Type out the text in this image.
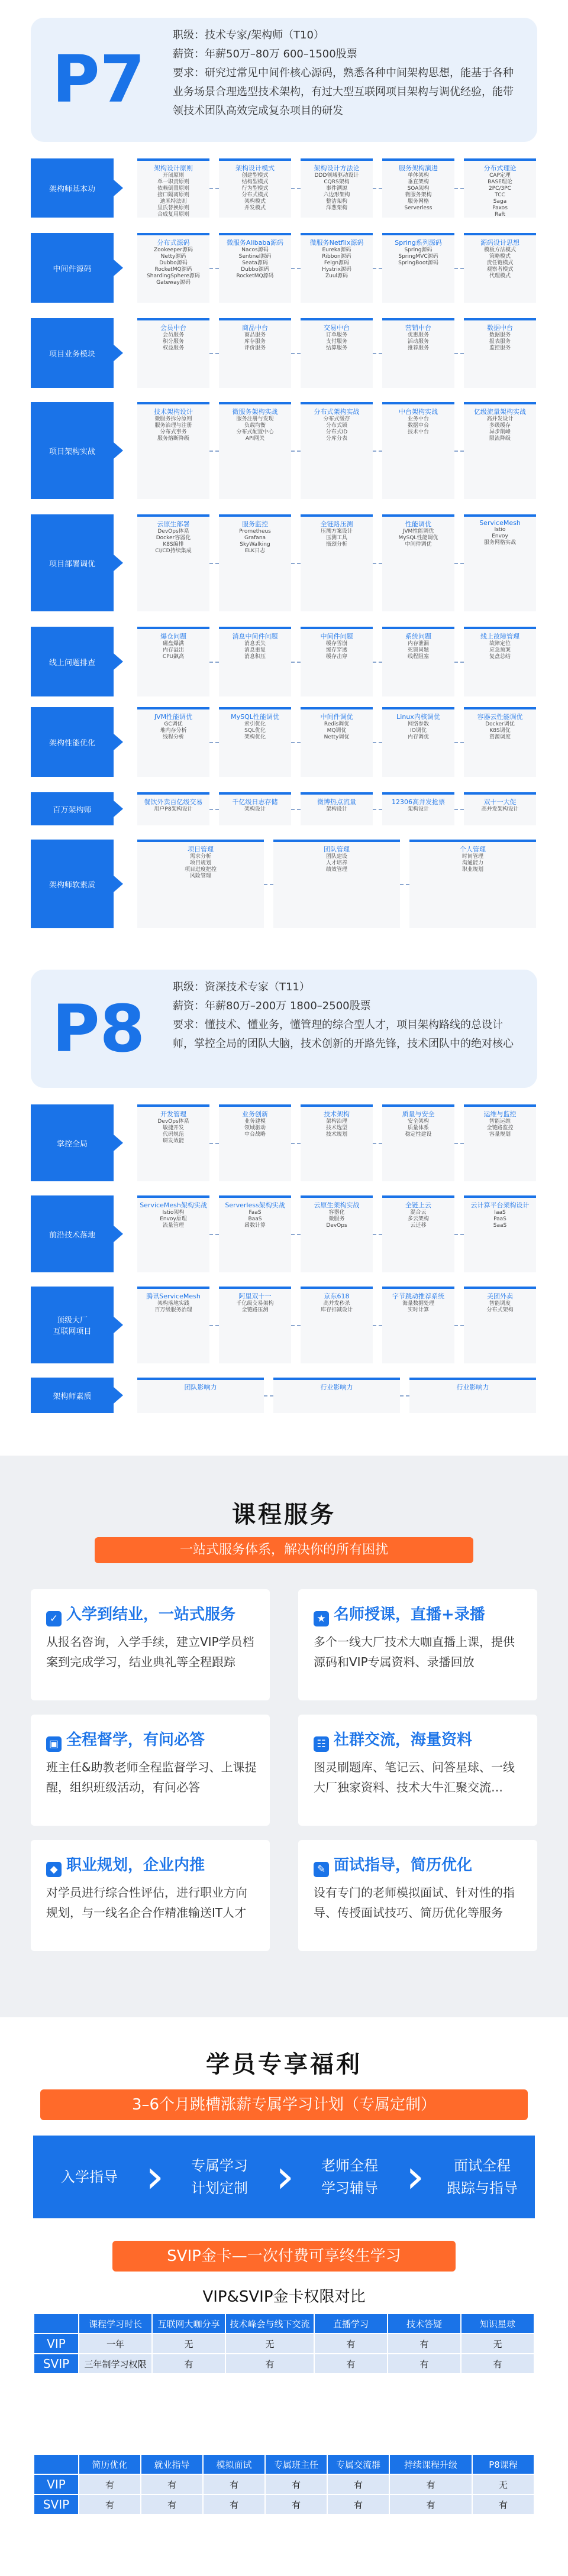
P7
职级：技术专家/架构师（T10）
薪资：年薪50万–80万 600–1500股票
要求：研究过常见中间件核心源码，熟悉各种中间架构思想，能基于各种业务场景合理选型技术架构，有过大型互联网项目架构与调优经验，能带领技术团队高效完成复杂项目的研发
架构师基本功
架构设计原则
开闭原则
单一职责原则
依赖倒置原则
接口隔离原则
迪米特法则
里氏替换原则
合成复用原则
架构设计模式
创建型模式
结构型模式
行为型模式
分布式模式
架构模式
并发模式
架构设计方法论
DDD领域驱动设计
CQRS架构
事件溯源
六边形架构
整洁架构
洋葱架构
服务架构演进
单体架构
垂直架构
SOA架构
微服务架构
服务网格
Serverless
分布式理论
CAP定理
BASE理论
2PC/3PC
TCC
Saga
Paxos
Raft
中间件源码
分布式源码
Zookeeper源码
Netty源码
Dubbo源码
RocketMQ源码
ShardingSphere源码
Gateway源码
微服务Alibaba源码
Nacos源码
Sentinel源码
Seata源码
Dubbo源码
RocketMQ源码
微服务Netflix源码
Eureka源码
Ribbon源码
Feign源码
Hystrix源码
Zuul源码
Spring系列源码
Spring源码
SpringMVC源码
SpringBoot源码
源码设计思想
模板方法模式
策略模式
责任链模式
观察者模式
代理模式
项目业务模块
会员中台
会员服务
积分服务
权益服务
商品中台
商品服务
库存服务
评价服务
交易中台
订单服务
支付服务
结算服务
营销中台
优惠服务
活动服务
推荐服务
数据中台
数据服务
报表服务
监控服务
项目架构实战
技术架构设计
微服务拆分原则
服务治理与注册
分布式事务
服务熔断降级
微服务架构实战
服务注册与发现
负载均衡
分布式配置中心
API网关
分布式架构实战
分布式缓存
分布式锁
分布式ID
分库分表
中台架构实战
业务中台
数据中台
技术中台
亿级流量架构实战
高并发设计
多级缓存
异步削峰
限流降级
项目部署调优
云原生部署
DevOps体系
Docker容器化
K8S编排
CI/CD持续集成
服务监控
Prometheus
Grafana
SkyWalking
ELK日志
全链路压测
压测方案设计
压测工具
瓶颈分析
性能调优
JVM性能调优
MySQL性能调优
中间件调优
ServiceMesh
Istio
Envoy
服务网格实战
线上问题排查
爆仓问题
磁盘爆满
内存溢出
CPU飙高
消息中间件问题
消息丢失
消息重复
消息积压
中间件问题
缓存雪崩
缓存穿透
缓存击穿
系统问题
内存泄漏
死锁问题
线程阻塞
线上故障管理
故障定位
应急预案
复盘总结
架构性能优化
JVM性能调优
GC调优
堆内存分析
线程分析
MySQL性能调优
索引优化
SQL优化
架构优化
中间件调优
Redis调优
MQ调优
Netty调优
Linux内核调优
网络参数
IO调优
内存调优
容器云性能调优
Docker调优
K8S调优
资源调度
百万架构师
餐饮外卖百亿级交易
用户P8架构设计
千亿级日志存储
架构设计
微博热点流量
架构设计
12306高并发抢票
架构设计
双十一大促
高并发架构设计
架构师软素质
项目管理
需求分析
项目规划
项目进度把控
风险管理
团队管理
团队建设
人才培养
绩效管理
个人管理
时间管理
沟通能力
职业规划
P8
职级：资深技术专家（T11）
薪资：年薪80万–200万 1800–2500股票
要求：懂技术、懂业务，懂管理的综合型人才，项目架构路线的总设计师，掌控全局的团队大脑，技术创新的开路先锋，技术团队中的绝对核心
掌控全局
开发管理
DevOps体系
敏捷开发
代码规范
研发效能
业务创新
业务建模
领域驱动
中台战略
技术架构
架构治理
技术选型
技术规划
质量与安全
安全架构
质量体系
稳定性建设
运维与监控
智能运维
全链路监控
容量规划
前沿技术落地
ServiceMesh架构实战
Istio架构
Envoy原理
流量管理
Serverless架构实战
FaaS
BaaS
函数计算
云原生架构实战
容器化
微服务
DevOps
全链上云
混合云
多云架构
云迁移
云计算平台架构设计
IaaS
PaaS
SaaS
顶级大厂
互联网项目
腾讯ServiceMesh
架构落地实践
百万级服务治理
阿里双十一
千亿级交易架构
全链路压测
京东618
高并发秒杀
库存扣减设计
字节跳动推荐系统
海量数据处理
实时计算
美团外卖
智能调度
分布式架构
架构师素质
团队影响力	行业影响力	行业影响力
课程服务
一站式服务体系，解决你的所有困扰
✓ 入学到结业，一站式服务
从报名咨询，入学手续，建立VIP学员档案到完成学习，结业典礼等全程跟踪
★ 名师授课，直播+录播
多个一线大厂技术大咖直播上课，提供源码和VIP专属资料、录播回放
▣ 全程督学，有问必答
班主任&助教老师全程监督学习、上课提醒，组织班级活动，有问必答
☷ 社群交流，海量资料
图灵刷题库、笔记云、问答星球、一线大厂独家资料、技术大牛汇聚交流…
◆ 职业规划，企业内推
对学员进行综合性评估，进行职业方向规划，与一线名企合作精准输送IT人才
✎ 面试指导，简历优化
设有专门的老师模拟面试、针对性的指导、传授面试技巧、简历优化等服务
学员专享福利
3–6个月跳槽涨薪专属学习计划（专属定制）
入学指导 › 专属学习
计划定制 › 老师全程
学习辅导 ›	面试全程
跟踪与指导
SVIP金卡—一次付费可享终生学习
VIP&SVIP金卡权限对比
	课程学习时长	互联网大咖分享	技术峰会与线下交流	直播学习	技术答疑	知识星球
VIP	一年	无	无	有	有	无
SVIP	三年制学习权限	有	有	有	有	有
	简历优化	就业指导	模拟面试	专属班主任	专属交流群	持续课程升级	P8课程
VIP	有	有	有	有	有	有	无
SVIP	有	有	有	有	有	有	有
